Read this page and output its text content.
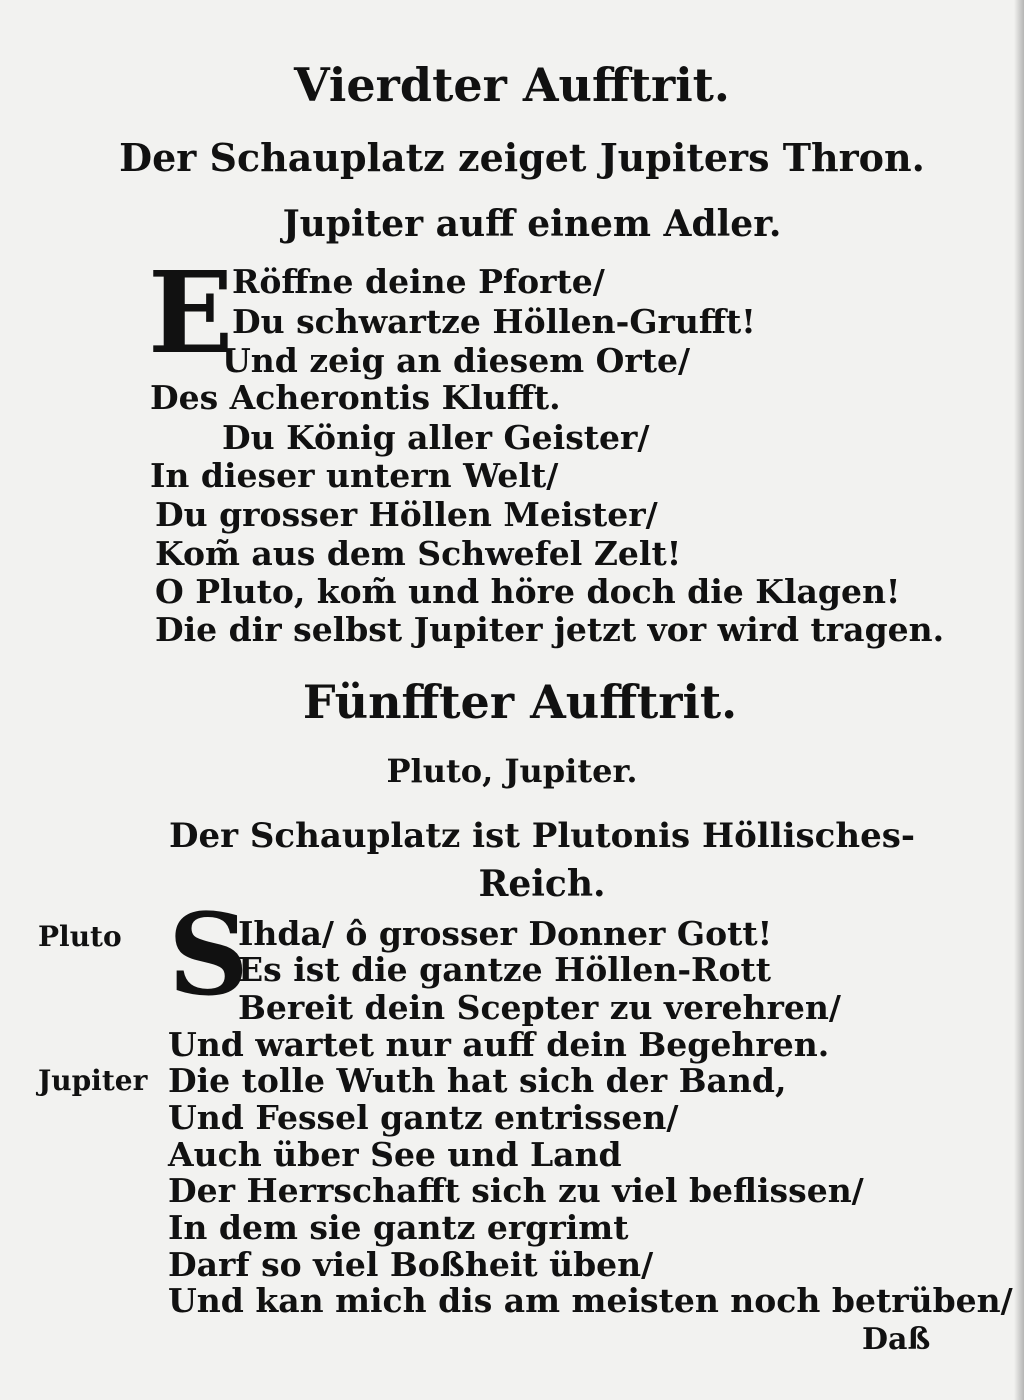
Vierdter Aufftrit.
Der Schauplatz zeiget Jupiters Thron.
Jupiter auff einem Adler.
E
Röffne deine Pforte/
Du schwartze Höllen-Grufft!
Und zeig an diesem Orte/
Des Acherontis Klufft.
Du König aller Geister/
In dieser untern Welt/
Du grosser Höllen Meister/
Kom̃ aus dem Schwefel Zelt!
O Pluto, kom̃ und höre doch die Klagen!
Die dir selbst Jupiter jetzt vor wird tragen.
Fünffter Aufftrit.
Pluto, Jupiter.
Der Schauplatz ist Plutonis Höllisches-
Reich.
Pluto
Jupiter
S
Ihda/ ô grosser Donner Gott!
Es ist die gantze Höllen-Rott
Bereit dein Scepter zu verehren/
Und wartet nur auff dein Begehren.
Die tolle Wuth hat sich der Band,
Und Fessel gantz entrissen/
Auch über See und Land
Der Herrschafft sich zu viel beflissen/
In dem sie gantz ergrimt
Darf so viel Boßheit üben/
Und kan mich dis am meisten noch betrüben/
Daß
